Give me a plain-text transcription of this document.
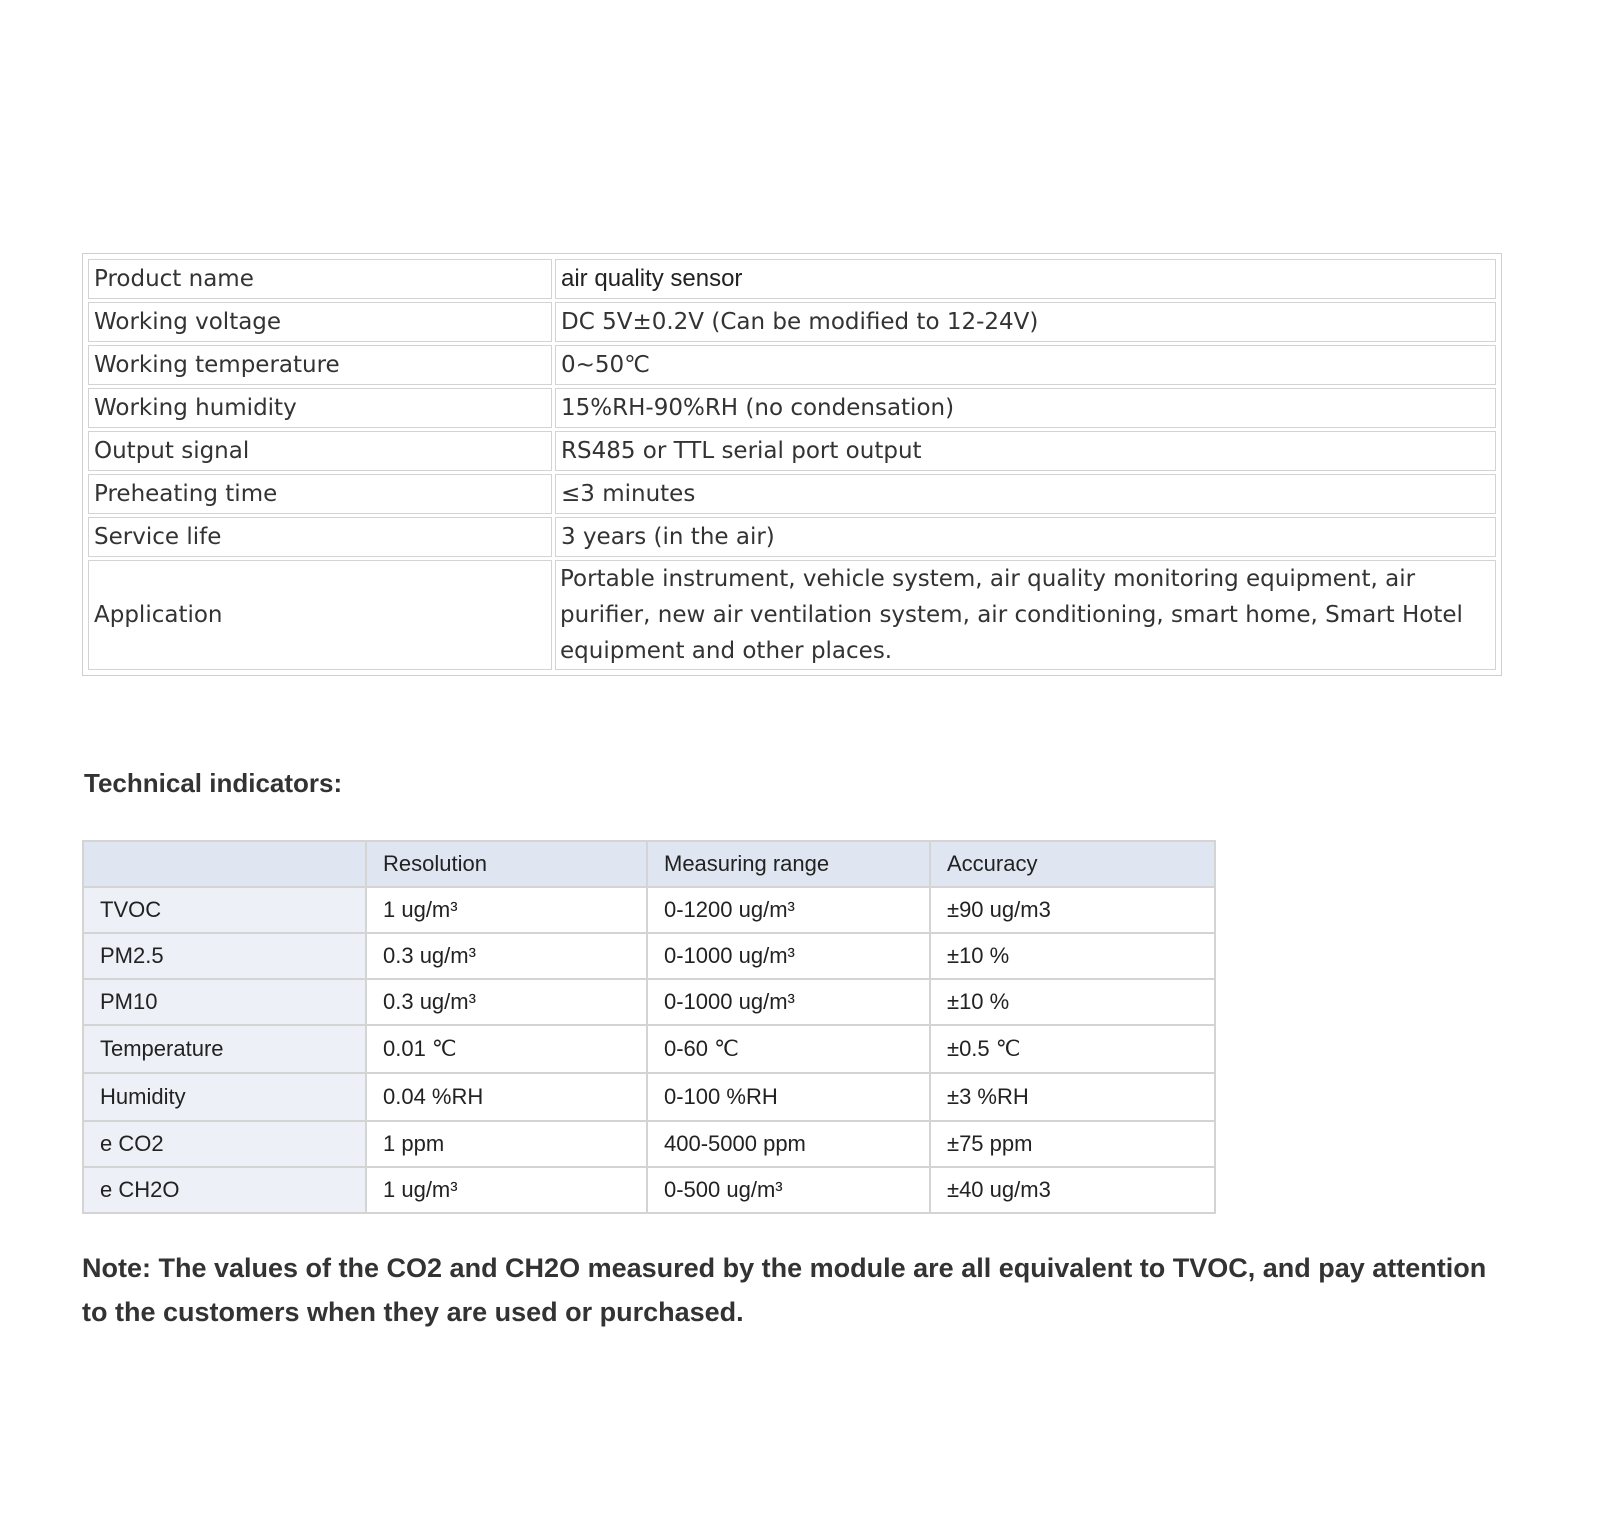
Product name	air quality sensor
Working voltage	DC 5V±0.2V (Can be modified to 12-24V)
Working temperature	0~50℃
Working humidity	15%RH-90%RH (no condensation)
Output signal	RS485 or TTL serial port output
Preheating time	≤3 minutes
Service life	3 years (in the air)
Application	Portable instrument, vehicle system, air quality monitoring equipment, air purifier, new air ventilation system, air conditioning, smart home, Smart Hotel equipment and other places.
Technical indicators:
	Resolution	Measuring range	Accuracy
TVOC	1 ug/m³	0-1200 ug/m³	±90 ug/m3
PM2.5	0.3 ug/m³	0-1000 ug/m³	±10 %
PM10	0.3 ug/m³	0-1000 ug/m³	±10 %
Temperature	0.01 ℃	0-60 ℃	±0.5 ℃
Humidity	0.04 %RH	0-100 %RH	±3 %RH
e CO2	1 ppm	400-5000 ppm	±75 ppm
e CH2O	1 ug/m³	0-500 ug/m³	±40 ug/m3

Note: The values of the CO2 and CH2O measured by the module are all equivalent to TVOC, and pay attention to the customers when they are used or purchased.
